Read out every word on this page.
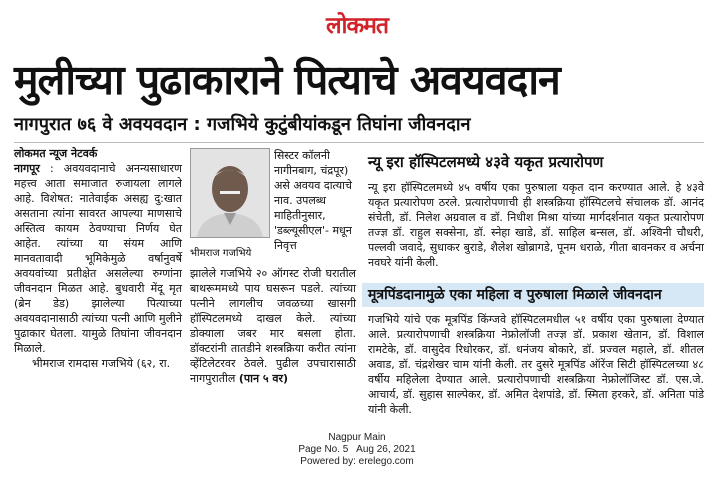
लोकमत
मुलीच्या पुढाकाराने पित्याचे अवयवदान
नागपुरात ७६ वे अवयवदान : गजभिये कुटुंबीयांकडून तिघांना जीवनदान
लोकमत न्यूज नेटवर्क
नागपूर : अवयवदानाचे अनन्यसाधारण महत्त्व आता समाजात रुजायला लागले आहे. विशेषत: नातेवाईक असह्य दु:खात असताना त्यांना सावरत आपल्या माणसाचे अस्तित्व कायम ठेवण्याचा निर्णय घेत आहेत. त्यांच्या या संयम आणि मानवतावादी भूमिकेमुळे वर्षानुवर्षे अवयवांच्या प्रतीक्षेत असलेल्या रुग्णांना जीवनदान मिळत आहे. बुधवारी मेंदू मृत (ब्रेन डेड) झालेल्या पित्याच्या अवयवदानासाठी त्यांच्या पत्नी आणि मुलीने पुढाकार घेतला. यामुळे तिघांना जीवनदान मिळाले.
भीमराज रामदास गजभिये (६२, रा.
भीमराज गजभिये
सिस्टर कॉलनी नागीनबाग, चंद्रपूर) असे अवयव दात्याचे नाव. उपलब्ध माहितीनुसार, 'डब्ल्यूसीएल'- मधून निवृत्त
झालेले गजभिये २० ऑगस्ट रोजी घरातील बाथरूममध्ये पाय घसरून पडले. त्यांच्या पत्नीने लागलीच जवळच्या खासगी हॉस्पिटलमध्ये दाखल केले. त्यांच्या डोक्याला जबर मार बसला होता. डॉक्टरांनी तातडीने शस्त्रक्रिया करीत त्यांना व्हेंटिलेटरवर ठेवले. पुढील उपचारासाठी नागपुरातील (पान ५ वर)
न्यू इरा हॉस्पिटलमध्ये ४३वे यकृत प्रत्यारोपण
न्यू इरा हॉस्पिटलमध्ये ४५ वर्षीय एका पुरुषाला यकृत दान करण्यात आले. हे ४३वे यकृत प्रत्यारोपण ठरले. प्रत्यारोपणाची ही शस्त्रक्रिया हॉस्पिटलचे संचालक डॉ. आनंद संचेती, डॉ. निलेश अग्रवाल व डॉ. निधीश मिश्रा यांच्या मार्गदर्शनात यकृत प्रत्यारोपण तज्ज्ञ डॉ. राहुल सक्सेना, डॉ. स्नेहा खाडे, डॉ. साहिल बन्सल, डॉ. अश्विनी चौधरी, पल्लवी जवादे, सुधाकर बुराडे, शैलेश खोब्रागडे, पूनम धराळे, गीता बावनकर व अर्चना नवघरे यांनी केली.
मूत्रपिंडदानामुळे एका महिला व पुरुषाला मिळाले जीवनदान
गजभिये यांचे एक मूत्रपिंड किंग्जवे हॉस्पिटलमधील ५१ वर्षीय एका पुरुषाला देण्यात आले. प्रत्यारोपणाची शस्त्रक्रिया नेफ्रोलॉजी तज्ज्ञ डॉ. प्रकाश खेतान, डॉ. विशाल रामटेके, डॉ. वासुदेव रिधोरकर, डॉ. धनंजय बोकारे, डॉ. प्रज्वल महाले, डॉ. शीतल अवाड, डॉ. चंद्रशेखर चाम यांनी केली. तर दुसरे मूत्रपिंड ऑरेंज सिटी हॉस्पिटलच्या ४८ वर्षीय महिलेला देण्यात आले. प्रत्यारोपणाची शस्त्रक्रिया नेफ्रोलॉजिस्ट डॉ. एस.जे. आचार्य, डॉ. सुहास साल्पेकर, डॉ. अमित देशपांडे, डॉ. स्मिता हरकरे, डॉ. अनिता पांडे यांनी केली.
Nagpur Main
Page No. 5 Aug 26, 2021
Powered by: erelego.com
